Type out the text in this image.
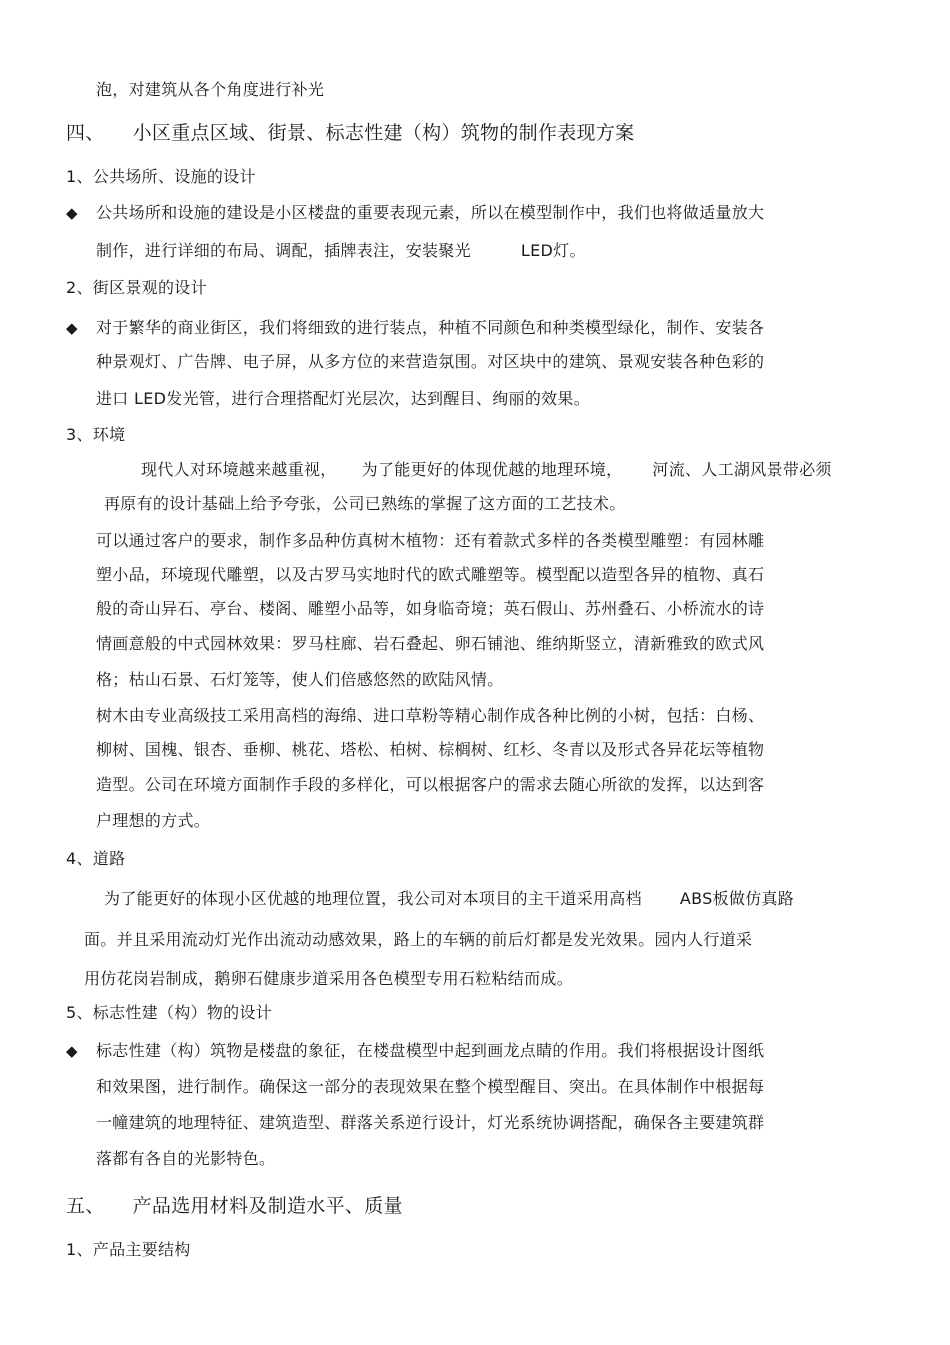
泡，对建筑从各个角度进行补光
四、 小区重点区域、街景、标志性建（构）筑物的制作表现方案
1、公共场所、设施的设计
◆ 公共场所和设施的建设是小区楼盘的重要表现元素，所以在模型制作中，我们也将做适量放大
制作，进行详细的布局、调配，插牌表注，安装聚光	LED灯。
2、街区景观的设计
◆ 对于繁华的商业街区，我们将细致的进行装点，种植不同颜色和种类模型绿化，制作、安装各
种景观灯、广告牌、电子屏，从多方位的来营造氛围。对区块中的建筑、景观安装各种色彩的
进口 LED发光管，进行合理搭配灯光层次，达到醒目、绚丽的效果。
3、环境
现代人对环境越来越重视， 为了能更好的体现优越的地理环境， 河流、人工湖风景带必须
再原有的设计基础上给予夸张，公司已熟练的掌握了这方面的工艺技术。
可以通过客户的要求，制作多品种仿真树木植物：还有着款式多样的各类模型雕塑：有园林雕
塑小品，环境现代雕塑，以及古罗马实地时代的欧式雕塑等。模型配以造型各异的植物、真石
般的奇山异石、亭台、楼阁、雕塑小品等，如身临奇境；英石假山、苏州叠石、小桥流水的诗
情画意般的中式园林效果：罗马柱廊、岩石叠起、卵石铺池、维纳斯竖立，清新雅致的欧式风
格；枯山石景、石灯笼等，使人们倍感悠然的欧陆风情。
树木由专业高级技工采用高档的海绵、进口草粉等精心制作成各种比例的小树，包括：白杨、
柳树、国槐、银杏、垂柳、桃花、塔松、柏树、棕榈树、红杉、冬青以及形式各异花坛等植物
造型。公司在环境方面制作手段的多样化，可以根据客户的需求去随心所欲的发挥，以达到客
户理想的方式。
4、道路
为了能更好的体现小区优越的地理位置，我公司对本项目的主干道采用高档 ABS板做仿真路
面。并且采用流动灯光作出流动动感效果，路上的车辆的前后灯都是发光效果。园内人行道采
用仿花岗岩制成，鹅卵石健康步道采用各色模型专用石粒粘结而成。
5、标志性建（构）物的设计
◆ 标志性建（构）筑物是楼盘的象征，在楼盘模型中起到画龙点睛的作用。我们将根据设计图纸
和效果图，进行制作。确保这一部分的表现效果在整个模型醒目、突出。在具体制作中根据每
一幢建筑的地理特征、建筑造型、群落关系逆行设计，灯光系统协调搭配，确保各主要建筑群
落都有各自的光影特色。
五、 产品选用材料及制造水平、质量
1、产品主要结构
